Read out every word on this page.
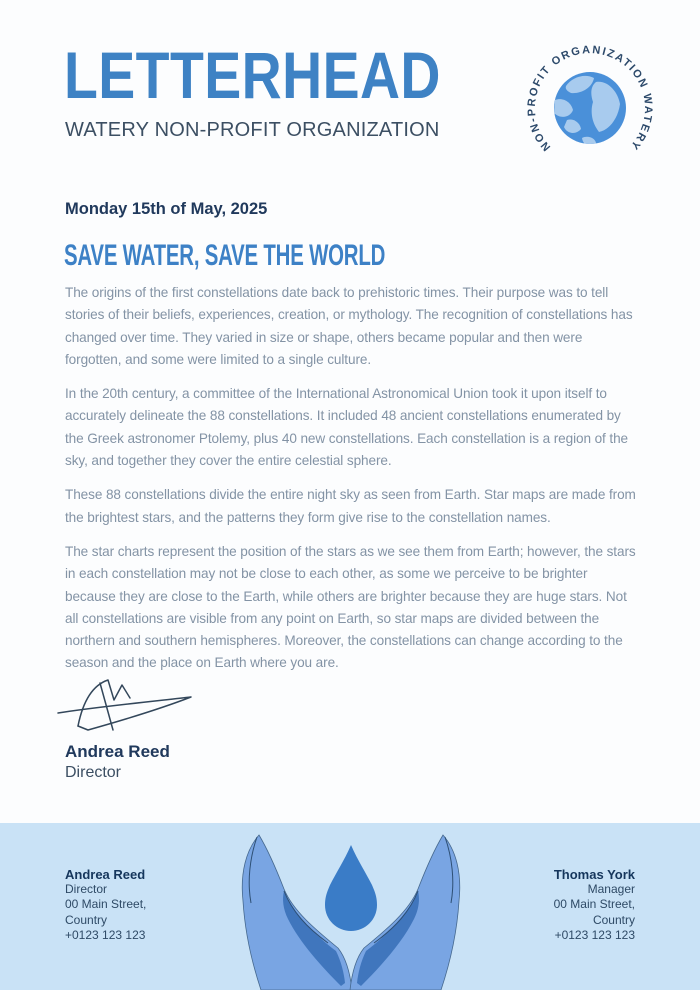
LETTERHEAD
WATERY NON-PROFIT ORGANIZATION
NON-PROFIT ORGANIZATION WATERY
Monday 15th of May, 2025
SAVE WATER, SAVE THE WORLD

The origins of the first constellations date back to prehistoric times. Their purpose was to tell stories of their beliefs, experiences, creation, or mythology. The recognition of constellations has changed over time. They varied in size or shape, others became popular and then were forgotten, and some were limited to a single culture.

In the 20th century, a committee of the International Astronomical Union took it upon itself to accurately delineate the 88 constellations. It included 48 ancient constellations enumerated by the Greek astronomer Ptolemy, plus 40 new constellations. Each constellation is a region of the sky, and together they cover the entire celestial sphere.

These 88 constellations divide the entire night sky as seen from Earth. Star maps are made from the brightest stars, and the patterns they form give rise to the constellation names.

The star charts represent the position of the stars as we see them from Earth; however, the stars in each constellation may not be close to each other, as some we perceive to be brighter because they are close to the Earth, while others are brighter because they are huge stars. Not all constellations are visible from any point on Earth, so star maps are divided between the northern and southern hemispheres. Moreover, the constellations can change according to the season and the place on Earth where you are.

Andrea Reed
Director
Andrea Reed
Director
00 Main Street,
Country
+0123 123 123
Thomas York
Manager
00 Main Street,
Country
+0123 123 123
